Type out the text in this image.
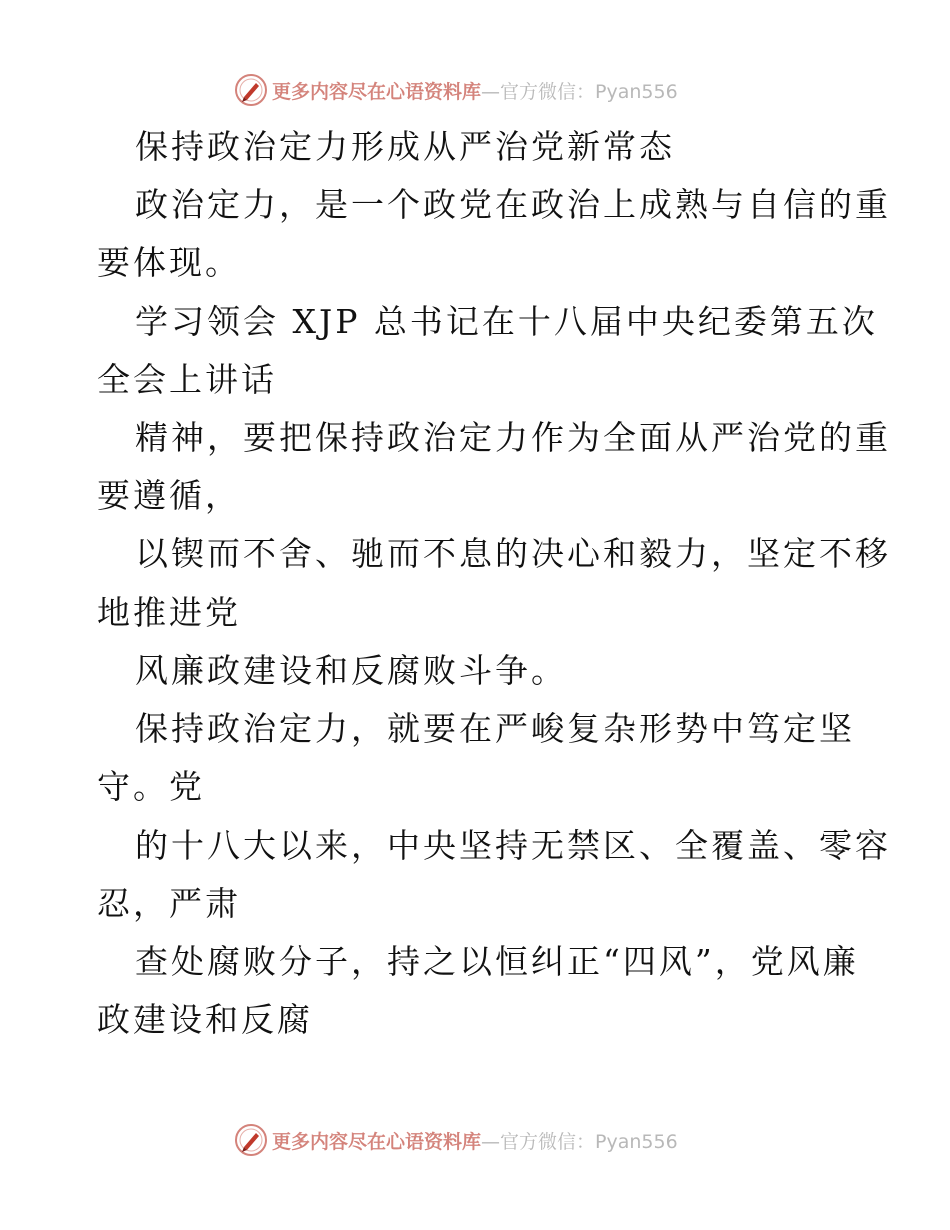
更多内容尽在心语资料库 —官方微信：Pyan556
保持政治定力形成从严治党新常态
政治定力，是一个政党在政治上成熟与自信的重
要体现。
学习领会 XJP 总书记在十八届中央纪委第五次
全会上讲话
精神，要把保持政治定力作为全面从严治党的重
要遵循，
以锲而不舍、驰而不息的决心和毅力，坚定不移
地推进党
风廉政建设和反腐败斗争。
保持政治定力，就要在严峻复杂形势中笃定坚
守。党
的十八大以来，中央坚持无禁区、全覆盖、零容
忍，严肃
查处腐败分子，持之以恒纠正“四风”，党风廉
政建设和反腐
更多内容尽在心语资料库 —官方微信：Pyan556
